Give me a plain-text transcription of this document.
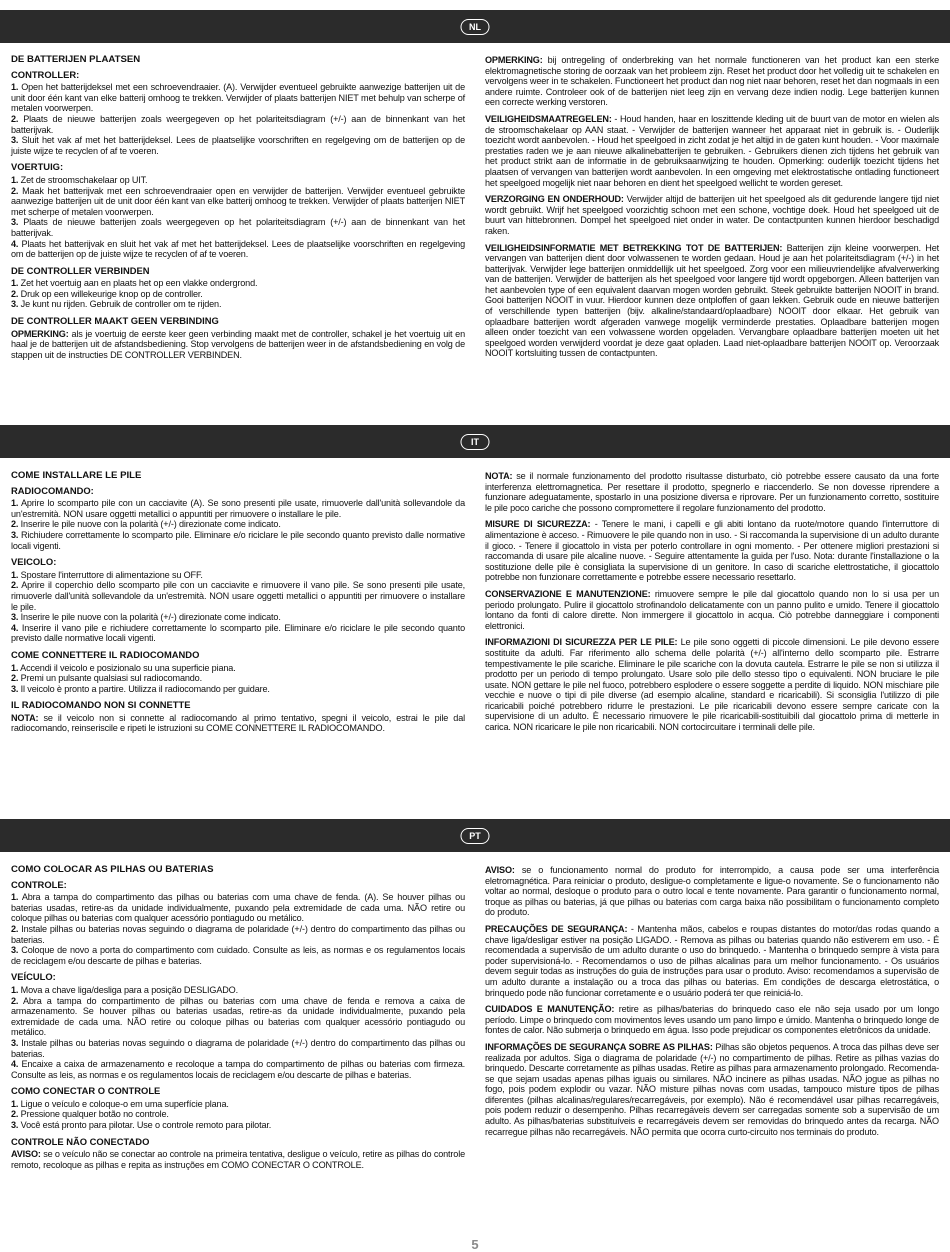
NL
IT
PT
DE BATTERIJEN PLAATSEN
CONTROLLER:
1. Open het batterijdeksel met een schroevendraaier. (A). Verwijder eventueel gebruikte aanwezige batterijen uit de unit door één kant van elke batterij omhoog te trekken. Verwijder of plaats batterijen NIET met behulp van scherpe of metalen voorwerpen.
2. Plaats de nieuwe batterijen zoals weergegeven op het polariteitsdiagram (+/-) aan de binnenkant van het batterijvak.
3. Sluit het vak af met het batterijdeksel. Lees de plaatselijke voorschriften en regelgeving om de batterijen op de juiste wijze te recyclen of af te voeren.
VOERTUIG:
1. Zet de stroomschakelaar op UIT.
2. Maak het batterijvak met een schroevendraaier open en verwijder de batterijen. Verwijder eventueel gebruikte aanwezige batterijen uit de unit door één kant van elke batterij omhoog te trekken. Verwijder of plaats batterijen NIET met scherpe of metalen voorwerpen.
3. Plaats de nieuwe batterijen zoals weergegeven op het polariteitsdiagram (+/-) aan de binnenkant van het batterijvak.
4. Plaats het batterijvak en sluit het vak af met het batterijdeksel. Lees de plaatselijke voorschriften en regelgeving om de batterijen op de juiste wijze te recyclen of af te voeren.
DE CONTROLLER VERBINDEN
1. Zet het voertuig aan en plaats het op een vlakke ondergrond.
2. Druk op een willekeurige knop op de controller.
3. Je kunt nu rijden. Gebruik de controller om te rijden.
DE CONTROLLER MAAKT GEEN VERBINDING

OPMERKING: als je voertuig de eerste keer geen verbinding maakt met de controller, schakel je het voertuig uit en haal je de batterijen uit de afstandsbediening. Stop vervolgens de batterijen weer in de afstandsbediening en volg de stappen uit de instructies DE CONTROLLER VERBINDEN.

OPMERKING: bij ontregeling of onderbreking van het normale functioneren van het product kan een sterke elektromagnetische storing de oorzaak van het probleem zijn. Reset het product door het volledig uit te schakelen en vervolgens weer in te schakelen. Functioneert het product dan nog niet naar behoren, reset het dan nogmaals in een andere ruimte. Controleer ook of de batterijen niet leeg zijn en vervang deze indien nodig. Lege batterijen kunnen een correcte werking verstoren.

VEILIGHEIDSMAATREGELEN: - Houd handen, haar en loszittende kleding uit de buurt van de motor en wielen als de stroomschakelaar op AAN staat. - Verwijder de batterijen wanneer het apparaat niet in gebruik is. - Ouderlijk toezicht wordt aanbevolen. - Houd het speelgoed in zicht zodat je het altijd in de gaten kunt houden. - Voor maximale prestaties raden we je aan nieuwe alkalinebatterijen te gebruiken. - Gebruikers dienen zich tijdens het gebruik van het product strikt aan de informatie in de gebruiksaanwijzing te houden. Opmerking: ouderlijk toezicht tijdens het plaatsen of vervangen van batterijen wordt aanbevolen. In een omgeving met elektrostatische ontlading functioneert het speelgoed mogelijk niet naar behoren en dient het speelgoed wellicht te worden gereset.

VERZORGING EN ONDERHOUD: Verwijder altijd de batterijen uit het speelgoed als dit gedurende langere tijd niet wordt gebruikt. Wrijf het speelgoed voorzichtig schoon met een schone, vochtige doek. Houd het speelgoed uit de buurt van hittebronnen. Dompel het speelgoed niet onder in water. De contactpunten kunnen hierdoor beschadigd raken.

VEILIGHEIDSINFORMATIE MET BETREKKING TOT DE BATTERIJEN: Batterijen zijn kleine voorwerpen. Het vervangen van batterijen dient door volwassenen te worden gedaan. Houd je aan het polariteitsdiagram (+/-) in het batterijvak. Verwijder lege batterijen onmiddellijk uit het speelgoed. Zorg voor een milieuvriendelijke afvalverwerking van de batterijen. Verwijder de batterijen als het speelgoed voor langere tijd wordt opgeborgen. Alleen batterijen van het aanbevolen type of een equivalent daarvan mogen worden gebruikt. Steek gebruikte batterijen NOOIT in brand. Gooi batterijen NOOIT in vuur. Hierdoor kunnen deze ontploffen of gaan lekken. Gebruik oude en nieuwe batterijen of verschillende typen batterijen (bijv. alkaline/standaard/oplaadbare) NOOIT door elkaar. Het gebruik van oplaadbare batterijen wordt afgeraden vanwege mogelijk verminderde prestaties. Oplaadbare batterijen mogen alleen onder toezicht van een volwassene worden opgeladen. Vervangbare oplaadbare batterijen moeten uit het speelgoed worden verwijderd voordat je deze gaat opladen. Laad niet-oplaadbare batterijen NOOIT op. Veroorzaak NOOIT kortsluiting tussen de contactpunten.

COME INSTALLARE LE PILE
RADIOCOMANDO:
1. Aprire lo scomparto pile con un cacciavite (A). Se sono presenti pile usate, rimuoverle dall'unità sollevandole da un'estremità. NON usare oggetti metallici o appuntiti per rimuovere o installare le pile.
2. Inserire le pile nuove con la polarità (+/-) direzionate come indicato.
3. Richiudere correttamente lo scomparto pile. Eliminare e/o riciclare le pile secondo quanto previsto dalle normative locali vigenti.
VEICOLO:
1. Spostare l'interruttore di alimentazione su OFF.
2. Aprire il coperchio dello scomparto pile con un cacciavite e rimuovere il vano pile. Se sono presenti pile usate, rimuoverle dall'unità sollevandole da un'estremità. NON usare oggetti metallici o appuntiti per rimuovere o installare le pile.
3. Inserire le pile nuove con la polarità (+/-) direzionate come indicato.
4. Inserire il vano pile e richiudere correttamente lo scomparto pile. Eliminare e/o riciclare le pile secondo quanto previsto dalle normative locali vigenti.
COME CONNETTERE IL RADIOCOMANDO
1. Accendi il veicolo e posizionalo su una superficie piana.
2. Premi un pulsante qualsiasi sul radiocomando.
3. Il veicolo è pronto a partire. Utilizza il radiocomando per guidare.
IL RADIOCOMANDO NON SI CONNETTE

NOTA: se il veicolo non si connette al radiocomando al primo tentativo, spegni il veicolo, estrai le pile dal radiocomando, reinseriscile e ripeti le istruzioni su COME CONNETTERE IL RADIOCOMANDO.

NOTA: se il normale funzionamento del prodotto risultasse disturbato, ciò potrebbe essere causato da una forte interferenza elettromagnetica. Per resettare il prodotto, spegnerlo e riaccenderlo. Se non dovesse riprendere a funzionare adeguatamente, spostarlo in una posizione diversa e riprovare. Per un funzionamento corretto, sostituire le pile poco cariche che possono compromettere il regolare funzionamento del prodotto.

MISURE DI SICUREZZA: - Tenere le mani, i capelli e gli abiti lontano da ruote/motore quando l'interruttore di alimentazione è acceso. - Rimuovere le pile quando non in uso. - Si raccomanda la supervisione di un adulto durante il gioco. - Tenere il giocattolo in vista per poterlo controllare in ogni momento. - Per ottenere migliori prestazioni si raccomanda di usare pile alcaline nuove. - Seguire attentamente la guida per l'uso. Nota: durante l'installazione o la sostituzione delle pile è consigliata la supervisione di un genitore. In caso di scariche elettrostatiche, il giocattolo potrebbe non funzionare correttamente e potrebbe essere necessario resettarlo.

CONSERVAZIONE E MANUTENZIONE: rimuovere sempre le pile dal giocattolo quando non lo si usa per un periodo prolungato. Pulire il giocattolo strofinandolo delicatamente con un panno pulito e umido. Tenere il giocattolo lontano da fonti di calore dirette. Non immergere il giocattolo in acqua. Ciò potrebbe danneggiare i componenti elettronici.

INFORMAZIONI DI SICUREZZA PER LE PILE: Le pile sono oggetti di piccole dimensioni. Le pile devono essere sostituite da adulti. Far riferimento allo schema delle polarità (+/-) all'interno dello scomparto pile. Estrarre tempestivamente le pile scariche. Eliminare le pile scariche con la dovuta cautela. Estrarre le pile se non si utilizza il prodotto per un periodo di tempo prolungato. Usare solo pile dello stesso tipo o equivalenti. NON bruciare le pile usate. NON gettare le pile nel fuoco, potrebbero esplodere o essere soggette a perdite di liquido. NON mischiare pile vecchie e nuove o tipi di pile diverse (ad esempio alcaline, standard e ricaricabili). Si sconsiglia l'utilizzo di pile ricaricabili poiché potrebbero ridurre le prestazioni. Le pile ricaricabili devono essere sempre caricate con la supervisione di un adulto. È necessario rimuovere le pile ricaricabili-sostituibili dal giocattolo prima di metterle in carica. NON ricaricare le pile non ricaricabili. NON cortocircuitare i terminali delle pile.

COMO COLOCAR AS PILHAS OU BATERIAS
CONTROLE:
1. Abra a tampa do compartimento das pilhas ou baterias com uma chave de fenda. (A). Se houver pilhas ou baterias usadas, retire-as da unidade individualmente, puxando pela extremidade de cada uma. NÃO retire ou coloque pilhas ou baterias com qualquer acessório pontiagudo ou metálico.
2. Instale pilhas ou baterias novas seguindo o diagrama de polaridade (+/-) dentro do compartimento das pilhas ou baterias.
3. Coloque de novo a porta do compartimento com cuidado. Consulte as leis, as normas e os regulamentos locais de reciclagem e/ou descarte de pilhas e baterias.
VEÍCULO:
1. Mova a chave liga/desliga para a posição DESLIGADO.
2. Abra a tampa do compartimento de pilhas ou baterias com uma chave de fenda e remova a caixa de armazenamento. Se houver pilhas ou baterias usadas, retire-as da unidade individualmente, puxando pela extremidade de cada uma. NÃO retire ou coloque pilhas ou baterias com qualquer acessório pontiagudo ou metálico.
3. Instale pilhas ou baterias novas seguindo o diagrama de polaridade (+/-) dentro do compartimento das pilhas ou baterias.
4. Encaixe a caixa de armazenamento e recoloque a tampa do compartimento de pilhas ou baterias com firmeza. Consulte as leis, as normas e os regulamentos locais de reciclagem e/ou descarte de pilhas e baterias.
COMO CONECTAR O CONTROLE
1. Ligue o veículo e coloque-o em uma superfície plana.
2. Pressione qualquer botão no controle.
3. Você está pronto para pilotar. Use o controle remoto para pilotar.
CONTROLE NÃO CONECTADO

AVISO: se o veículo não se conectar ao controle na primeira tentativa, desligue o veículo, retire as pilhas do controle remoto, recoloque as pilhas e repita as instruções em COMO CONECTAR O CONTROLE.

AVISO: se o funcionamento normal do produto for interrompido, a causa pode ser uma interferência eletromagnética. Para reiniciar o produto, desligue-o completamente e ligue-o novamente. Se o funcionamento não voltar ao normal, desloque o produto para o outro local e tente novamente. Para garantir o funcionamento normal, troque as pilhas ou baterias, já que pilhas ou baterias com carga baixa não possibilitam o funcionamento completo do produto.

PRECAUÇÕES DE SEGURANÇA: - Mantenha mãos, cabelos e roupas distantes do motor/das rodas quando a chave liga/desligar estiver na posição LIGADO. - Remova as pilhas ou baterias quando não estiverem em uso. - É recomendada a supervisão de um adulto durante o uso do brinquedo. - Mantenha o brinquedo sempre à vista para poder supervisioná-lo. - Recomendamos o uso de pilhas alcalinas para um melhor funcionamento. - Os usuários devem seguir todas as instruções do guia de instruções para usar o produto. Aviso: recomendamos a supervisão de um adulto durante a instalação ou a troca das pilhas ou baterias. Em condições de descarga eletrostática, o brinquedo pode não funcionar corretamente e o usuário poderá ter que reiniciá-lo.

CUIDADOS E MANUTENÇÃO: retire as pilhas/baterias do brinquedo caso ele não seja usado por um longo período. Limpe o brinquedo com movimentos leves usando um pano limpo e úmido. Mantenha o brinquedo longe de fontes de calor. Não submerja o brinquedo em água. Isso pode prejudicar os componentes eletrônicos da unidade.

INFORMAÇÕES DE SEGURANÇA SOBRE AS PILHAS: Pilhas são objetos pequenos. A troca das pilhas deve ser realizada por adultos. Siga o diagrama de polaridade (+/-) no compartimento de pilhas. Retire as pilhas vazias do brinquedo. Descarte corretamente as pilhas usadas. Retire as pilhas para armazenamento prolongado. Recomenda-se que sejam usadas apenas pilhas iguais ou similares. NÃO incinere as pilhas usadas. NÃO jogue as pilhas no fogo, pois podem explodir ou vazar. NÃO misture pilhas novas com usadas, tampouco misture tipos de pilhas diferentes (pilhas alcalinas/regulares/recarregáveis, por exemplo). Não é recomendável usar pilhas recarregáveis, pois podem reduzir o desempenho. Pilhas recarregáveis devem ser carregadas somente sob a supervisão de um adulto. As pilhas/baterias substituíveis e recarregáveis devem ser removidas do brinquedo antes da recarga. NÃO recarregue pilhas não recarregáveis. NÃO permita que ocorra curto-circuito nos terminais do produto.

5
